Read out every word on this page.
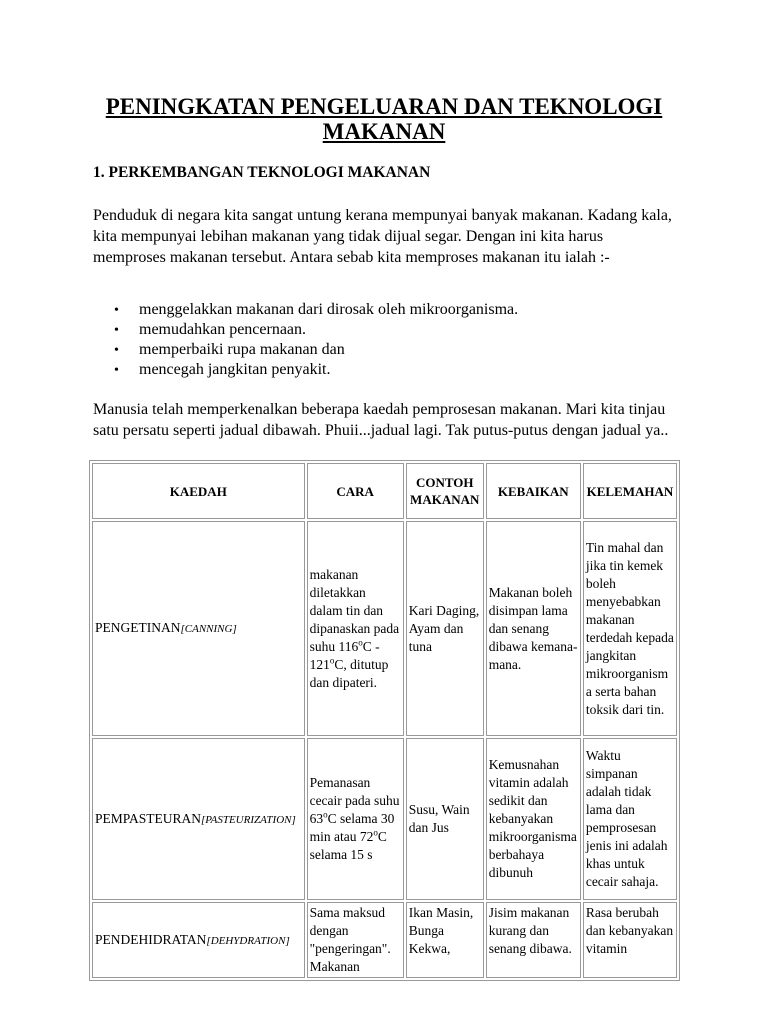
PENINGKATAN PENGELUARAN DAN TEKNOLOGI MAKANAN
1. PERKEMBANGAN TEKNOLOGI MAKANAN

Penduduk di negara kita sangat untung kerana mempunyai banyak makanan. Kadang kala, kita mempunyai lebihan makanan yang tidak dijual segar. Dengan ini kita harus memproses makanan tersebut. Antara sebab kita memproses makanan itu ialah :-

• menggelakkan makanan dari dirosak oleh mikroorganisma.
• memudahkan pencernaan.
• memperbaiki rupa makanan dan
• mencegah jangkitan penyakit.

Manusia telah memperkenalkan beberapa kaedah pemprosesan makanan. Mari kita tinjau satu persatu seperti jadual dibawah. Phuii...jadual lagi. Tak putus-putus dengan jadual ya..

KAEDAH	CARA	CONTOH MAKANAN	KEBAIKAN	KELEMAHAN
PENGETINAN[CANNING]	makanan diletakkan dalam tin dan dipanaskan pada suhu 116$^o$C - 121$^o$C, ditutup dan dipateri.	Kari Daging, Ayam dan tuna	Makanan boleh disimpan lama dan senang dibawa kemana-mana.	Tin mahal dan jika tin kemek boleh menyebabkan makanan terdedah kepada jangkitan mikroorganisma serta bahan toksik dari tin.
PEMPASTEURAN[PASTEURIZATION]	Pemanasan cecair pada suhu 63$^o$C selama 30 min atau 72$^o$C selama 15 s	Susu, Wain dan Jus	Kemusnahan vitamin adalah sedikit dan kebanyakan mikroorganisma berbahaya dibunuh	Waktu simpanan adalah tidak lama dan pemprosesan jenis ini adalah khas untuk cecair sahaja.
PENDEHIDRATAN[DEHYDRATION]	Sama maksud dengan "pengeringan". Makanan	Ikan Masin, Bunga Kekwa,	Jisim makanan kurang dan senang dibawa.	Rasa berubah dan kebanyakan vitamin
